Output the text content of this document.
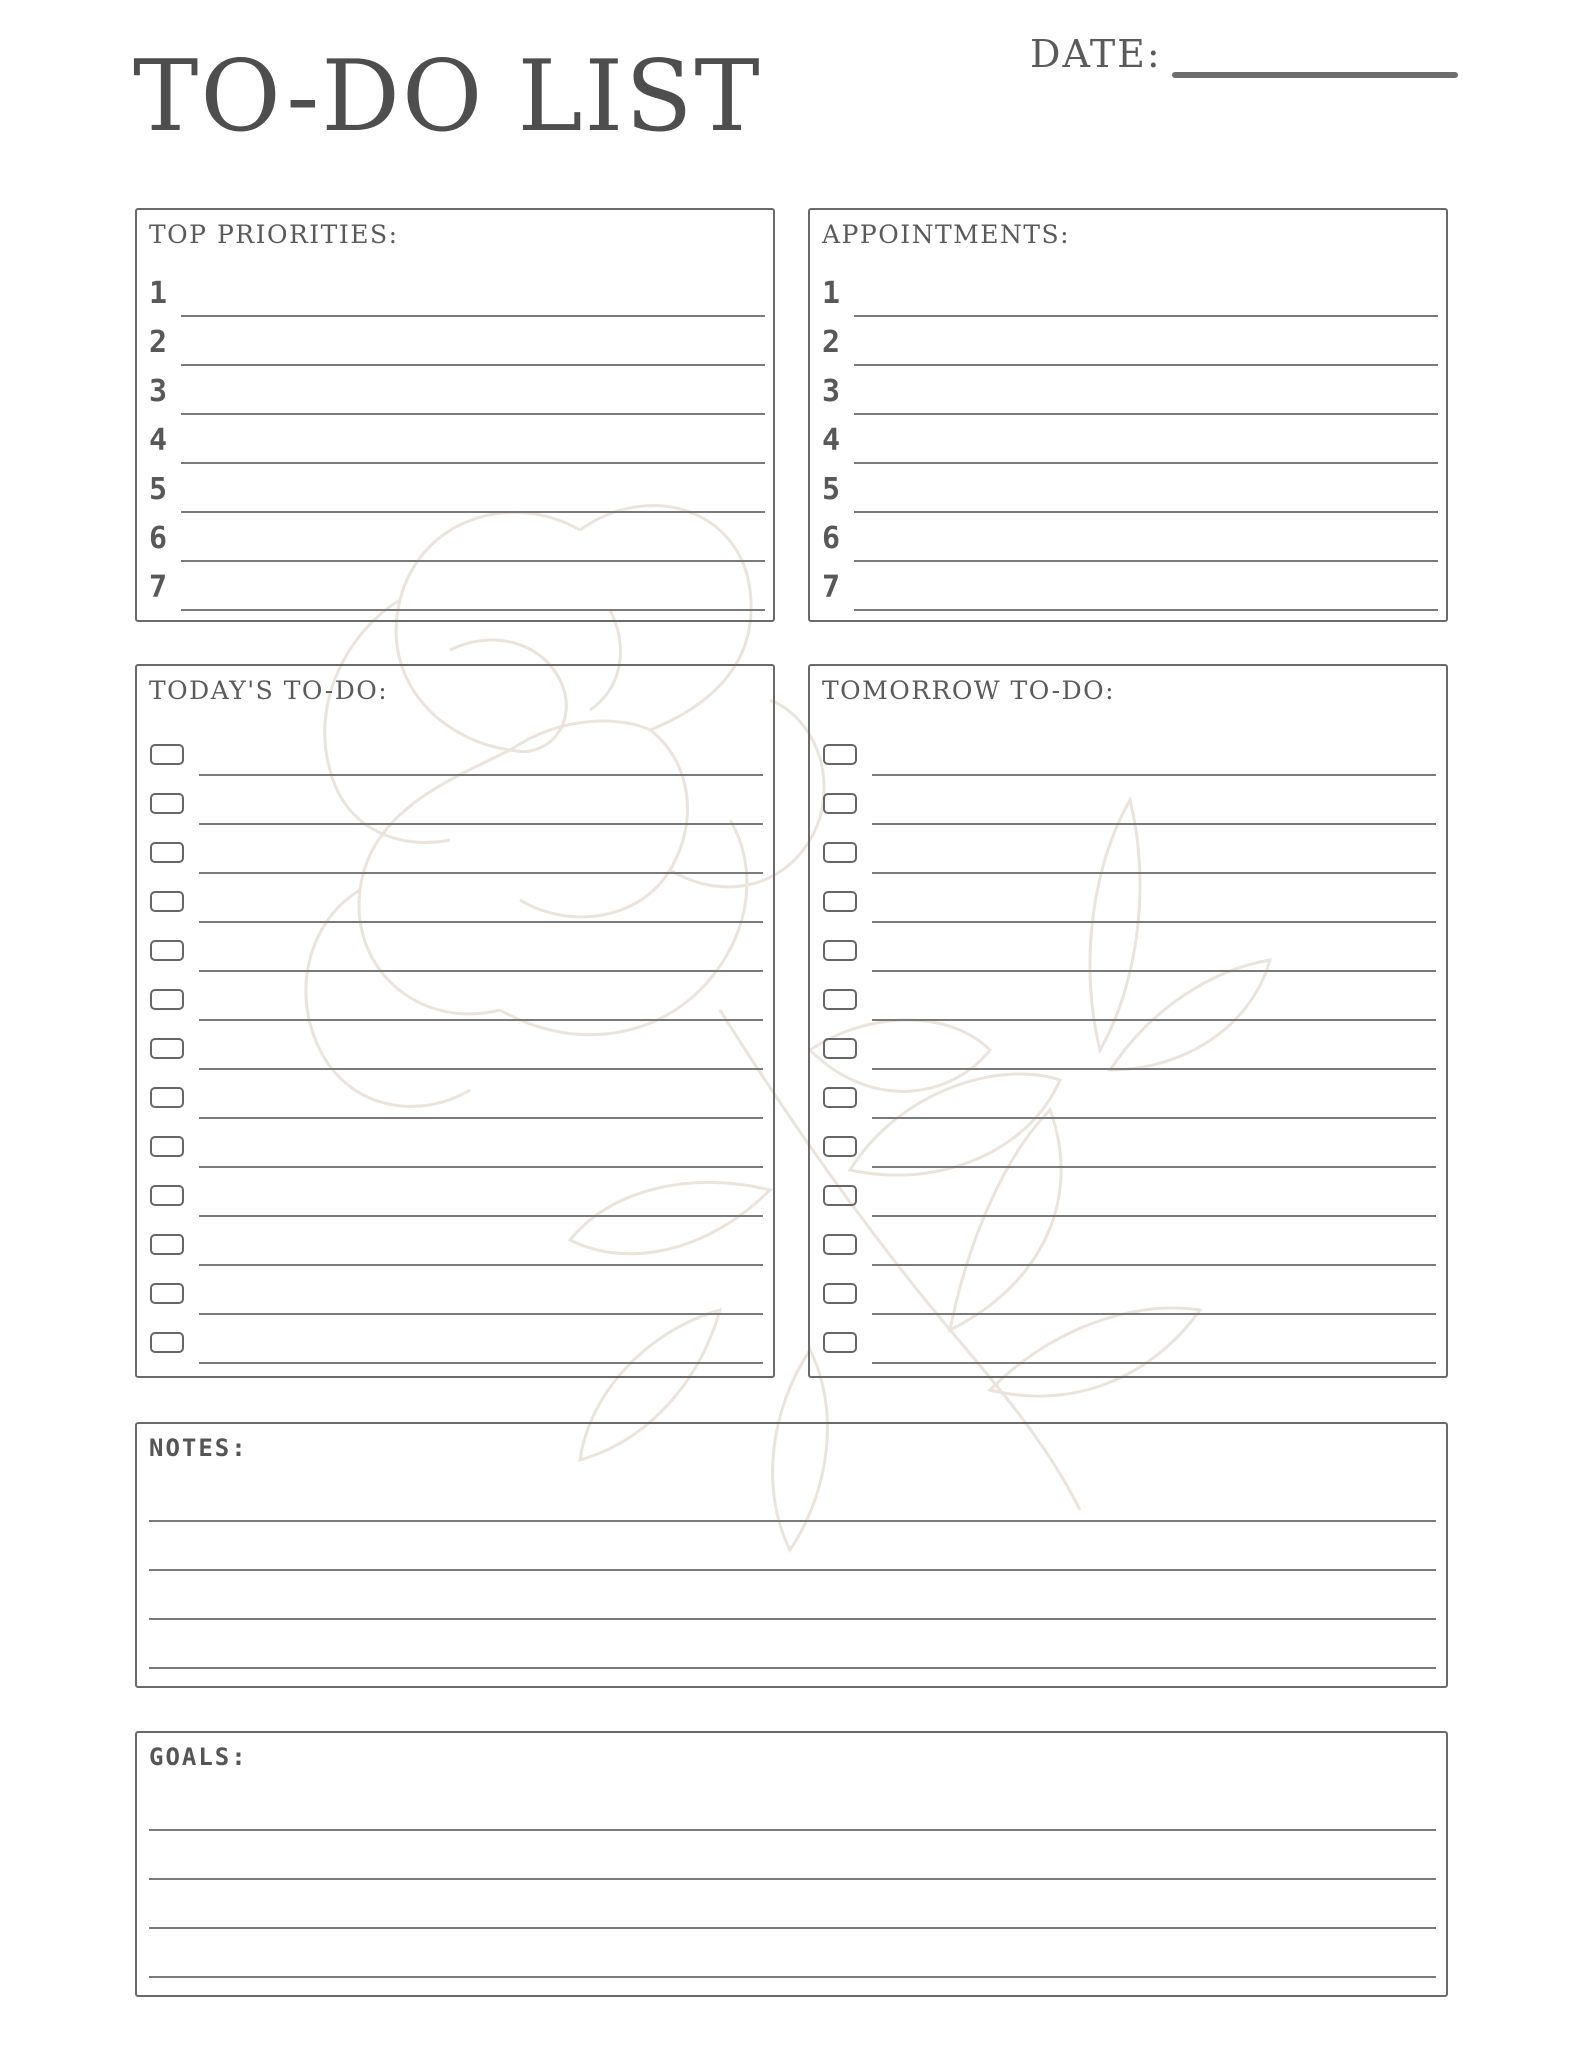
TO-DO LIST	DATE:
TOP PRIORITIES:
1
2
3
4
5
6
7
APPOINTMENTS:
1
2
3
4
5
6
7
TODAY'S TO-DO:	TOMORROW TO-DO:
NOTES:
GOALS:
